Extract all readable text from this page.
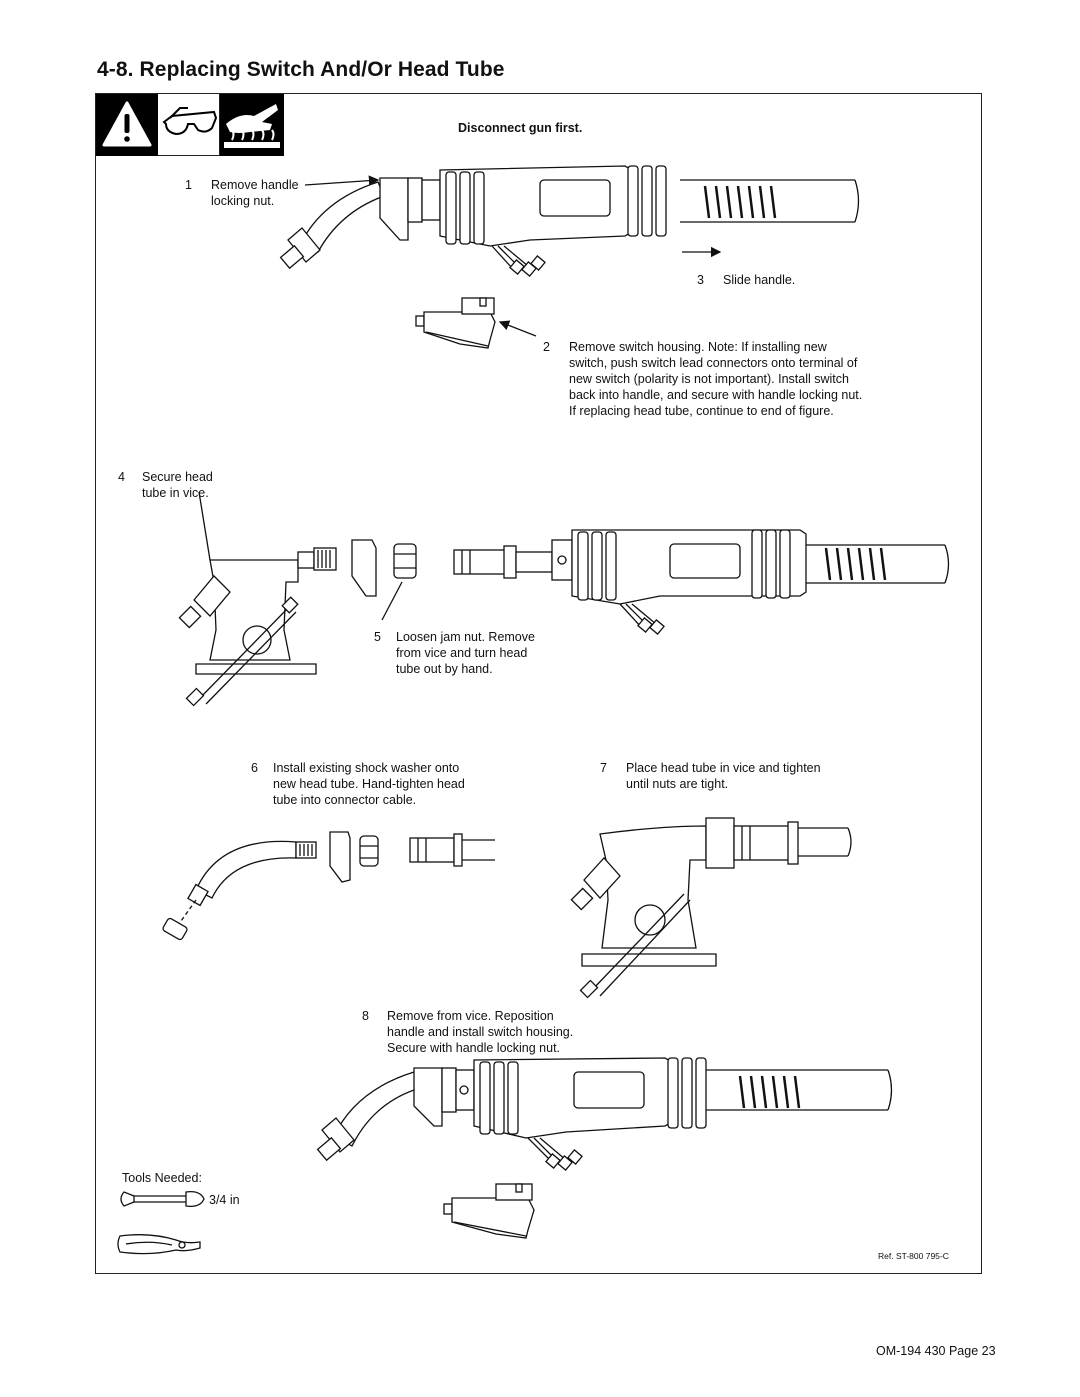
4-8. Replacing Switch And/Or Head Tube
Disconnect gun first.
1 Remove handle
locking nut.
3 Slide handle.
2 Remove switch housing. Note: If installing new
switch, push switch lead connectors onto terminal of
new switch (polarity is not important). Install switch
back into handle, and secure with handle locking nut.
If replacing head tube, continue to end of figure.
4 Secure head
tube in vice.
5 Loosen jam nut. Remove
from vice and turn head
tube out by hand.
6 Install existing shock washer onto
new head tube. Hand-tighten head
tube into connector cable.
7 Place head tube in vice and tighten
until nuts are tight.
8 Remove from vice. Reposition
handle and install switch housing.
Secure with handle locking nut.
Tools Needed:
3/4 in
Ref. ST-800 795-C
OM-194 430 Page 23
